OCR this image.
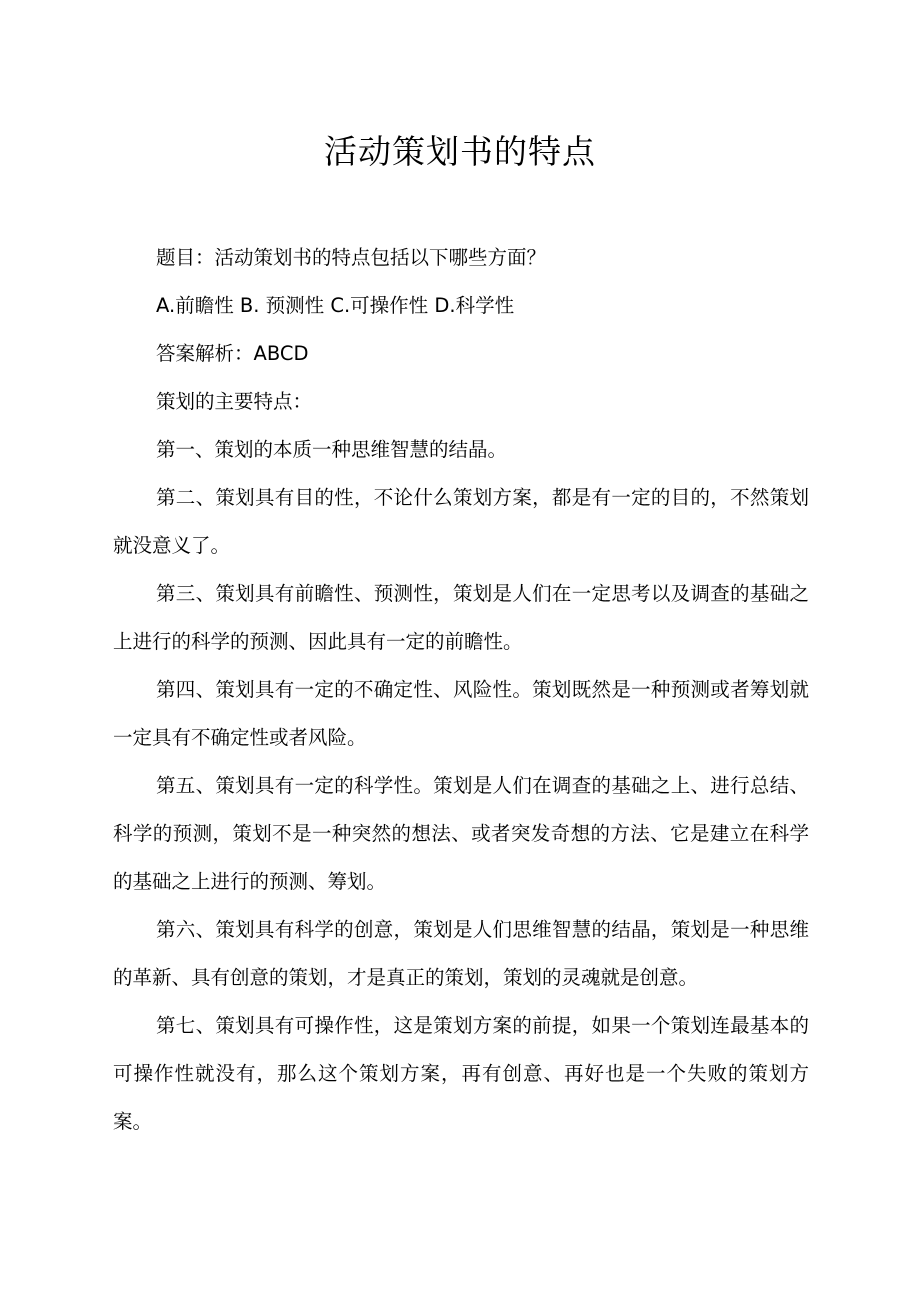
活动策划书的特点

题目：活动策划书的特点包括以下哪些方面？

A.前瞻性 B. 预测性 C.可操作性 D.科学性

答案解析：ABCD

策划的主要特点：

第一、策划的本质一种思维智慧的结晶。

第二、策划具有目的性，不论什么策划方案，都是有一定的目的，不然策划就没意义了。

第三、策划具有前瞻性、预测性，策划是人们在一定思考以及调查的基础之上进行的科学的预测、因此具有一定的前瞻性。

第四、策划具有一定的不确定性、风险性。策划既然是一种预测或者筹划就一定具有不确定性或者风险。

第五、策划具有一定的科学性。策划是人们在调查的基础之上、进行总结、科学的预测，策划不是一种突然的想法、或者突发奇想的方法、它是建立在科学的基础之上进行的预测、筹划。

第六、策划具有科学的创意，策划是人们思维智慧的结晶，策划是一种思维的革新、具有创意的策划，才是真正的策划，策划的灵魂就是创意。

第七、策划具有可操作性，这是策划方案的前提，如果一个策划连最基本的可操作性就没有，那么这个策划方案，再有创意、再好也是一个失败的策划方案。
